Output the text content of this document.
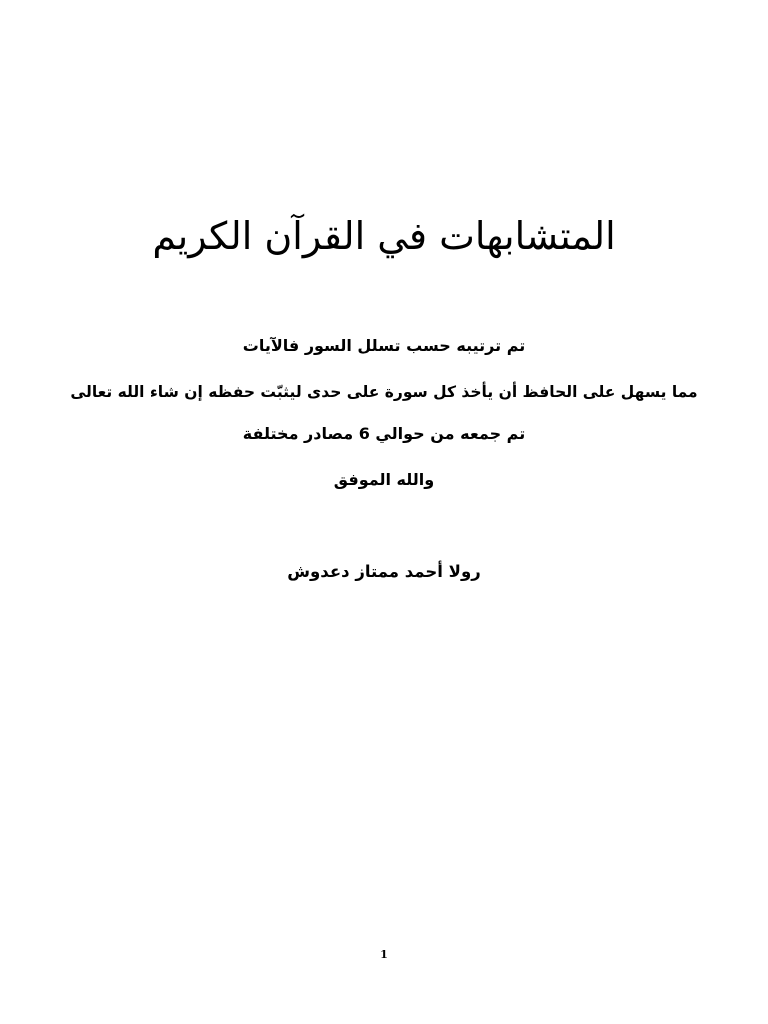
المتشابهات في القرآن الكريم

تم ترتيبه حسب تسلل السور فالآيات

مما يسهل على الحافظ أن يأخذ كل سورة على حدى ليثبّت حفظه إن شاء الله تعالى

تم جمعه من حوالي 6 مصادر مختلفة

والله الموفق

رولا أحمد ممتاز دعدوش

1
